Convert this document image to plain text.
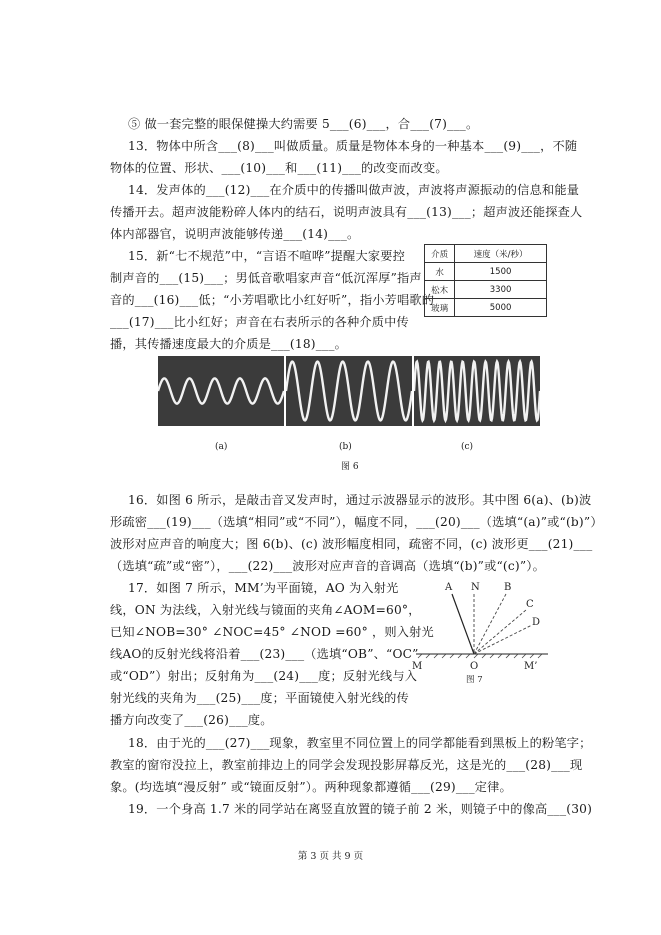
⑤ 做一套完整的眼保健操大约需要 5___(6)___，合___(7)___。
13．物体中所含___(8)___叫做质量。质量是物体本身的一种基本___(9)___，不随
物体的位置、形状、___(10)___和___(11)___的改变而改变。
14．发声体的___(12)___在介质中的传播叫做声波，声波将声源振动的信息和能量
传播开去。超声波能粉碎人体内的结石，说明声波具有___(13)___；超声波还能探查人
体内部器官，说明声波能够传递___(14)___。
15．新“七不规范”中，“言语不喧哗”提醒大家要控
制声音的___(15)___；男低音歌唱家声音“低沉浑厚”指声
音的___(16)___低；“小芳唱歌比小红好听”，指小芳唱歌的
___(17)___比小红好；声音在右表所示的各种介质中传
播，其传播速度最大的介质是___(18)___。
16．如图 6 所示，是敲击音叉发声时，通过示波器显示的波形。其中图 6(a)、(b)波
形疏密___(19)___（选填“相同”或“不同”），幅度不同，___(20)___（选填“(a)”或“(b)”）
波形对应声音的响度大；图 6(b)、(c) 波形幅度相同，疏密不同，(c) 波形更___(21)___
（选填“疏”或“密”），___(22)___波形对应声音的音调高（选填“(b)”或“(c)”）。
17．如图 7 所示，MM’为平面镜，AO 为入射光
线，ON 为法线，入射光线与镜面的夹角∠AOM=60°，
已知∠NOB=30° ∠NOC=45° ∠NOD =60° ，则入射光
线AO的反射光线将沿着___(23)___（选填“OB”、“OC”
或“OD”）射出；反射角为___(24)___度；反射光线与入
射光线的夹角为___(25)___度；平面镜使入射光线的传
播方向改变了___(26)___度。
18．由于光的___(27)___现象，教室里不同位置上的同学都能看到黑板上的粉笔字；
教室的窗帘没拉上，教室前排边上的同学会发现投影屏幕反光，这是光的___(28)___现
象。(均选填“漫反射” 或“镜面反射”）。两种现象都遵循___(29)___定律。
19．一个身高 1.7 米的同学站在离竖直放置的镜子前 2 米，则镜子中的像高___(30)
介质	速度（米/秒）
水	1500
松木	3300
玻璃	5000
(a)	(b)	(c)
图 6
A N B
C
D
M	O	M’
图 7
第 3 页 共 9 页
